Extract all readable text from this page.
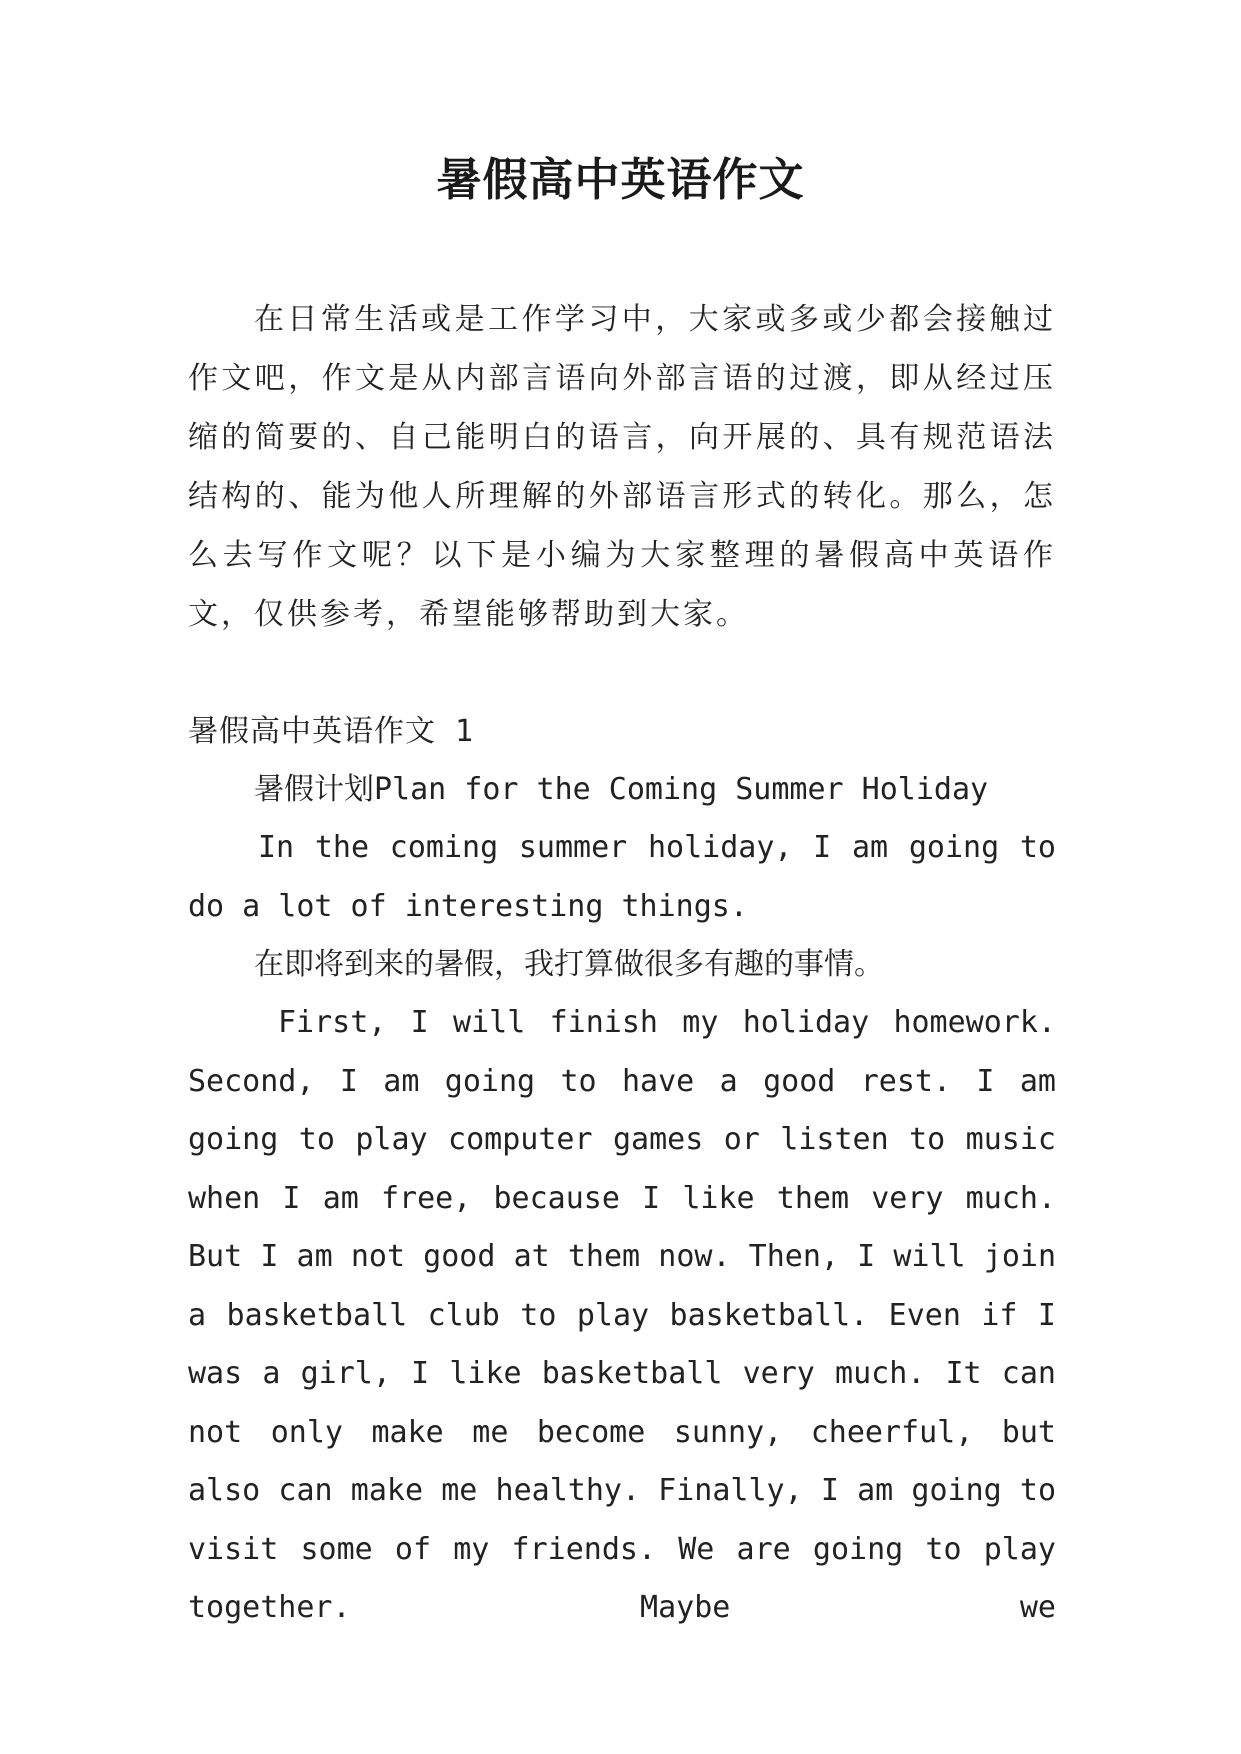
暑假高中英语作文

在日常生活或是工作学习中，大家或多或少都会接触过作文吧，作文是从内部言语向外部言语的过渡，即从经过压缩的简要的、自己能明白的语言，向开展的、具有规范语法结构的、能为他人所理解的外部语言形式的转化。那么，怎么去写作文呢？以下是小编为大家整理的暑假高中英语作文，仅供参考，希望能够帮助到大家。

暑假高中英语作文 1

暑假计划Plan for the Coming Summer Holiday

In the coming summer holiday, I am going to do a lot of interesting things.

在即将到来的暑假，我打算做很多有趣的事情。

First, I will finish my holiday homework. Second, I am going to have a good rest. I am going to play computer games or listen to music when I am free, because I like them very much. But I am not good at them now. Then, I will join a basketball club to play basketball. Even if I was a girl, I like basketball very much. It can not only make me become sunny, cheerful, but also can make me healthy. Finally, I am going to visit some of my friends. We are going to play together. Maybe we
